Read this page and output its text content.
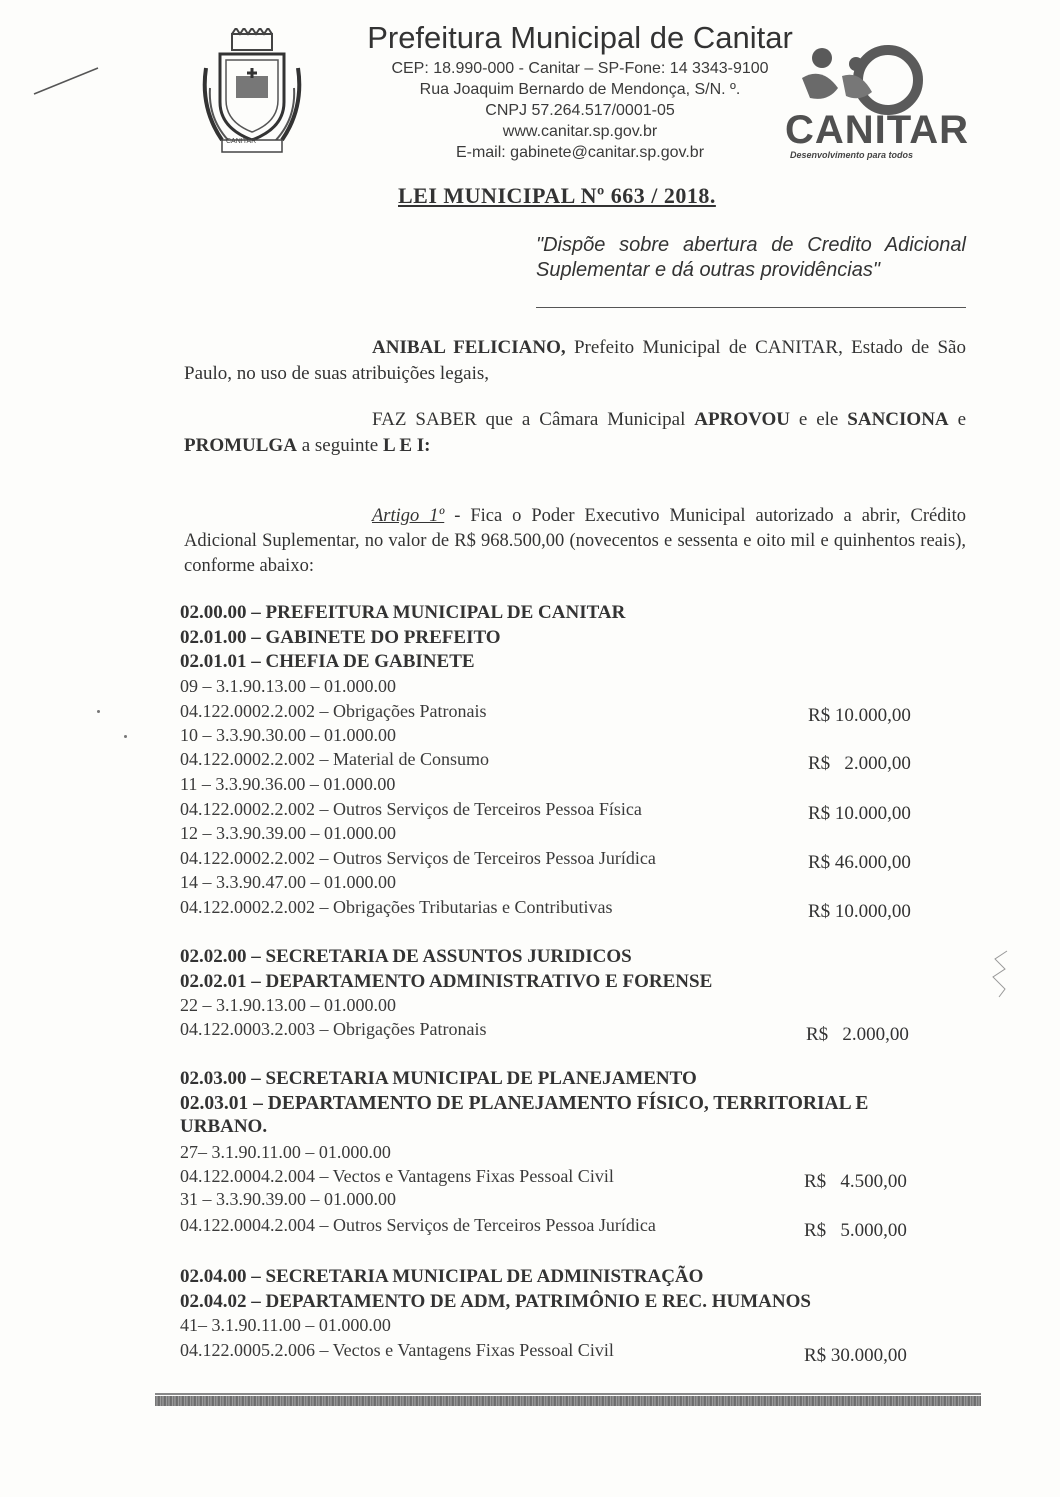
CANITAR
Prefeitura Municipal de Canitar
CEP: 18.990-000 - Canitar – SP-Fone: 14 3343-9100
Rua Joaquim Bernardo de Mendonça, S/N. º.
CNPJ 57.264.517/0001-05
www.canitar.sp.gov.br
E-mail: gabinete@canitar.sp.gov.br
CANITAR
Desenvolvimento para todos
LEI MUNICIPAL Nº 663 / 2018.
"Dispõe sobre abertura de Credito Adicional Suplementar e dá outras providências"
ANIBAL FELICIANO, Prefeito Municipal de CANITAR, Estado de São Paulo, no uso de suas atribuições legais,
FAZ SABER que a Câmara Municipal APROVOU e ele SANCIONA e PROMULGA a seguinte L E I:
Artigo 1º - Fica o Poder Executivo Municipal autorizado a abrir, Crédito Adicional Suplementar, no valor de R$ 968.500,00 (novecentos e sessenta e oito mil e quinhentos reais), conforme abaixo:
02.00.00 – PREFEITURA MUNICIPAL DE CANITAR
02.01.00 – GABINETE DO PREFEITO
02.01.01 – CHEFIA DE GABINETE
09 – 3.1.90.13.00 – 01.000.00
04.122.0002.2.002 – Obrigações Patronais	R$ 10.000,00
10 – 3.3.90.30.00 – 01.000.00
04.122.0002.2.002 – Material de Consumo	R$   2.000,00
11 – 3.3.90.36.00 – 01.000.00
04.122.0002.2.002 – Outros Serviços de Terceiros Pessoa Física	R$ 10.000,00
12 – 3.3.90.39.00 – 01.000.00
04.122.0002.2.002 – Outros Serviços de Terceiros Pessoa Jurídica	R$ 46.000,00
14 – 3.3.90.47.00 – 01.000.00
04.122.0002.2.002 – Obrigações Tributarias e Contributivas	R$ 10.000,00
02.02.00 – SECRETARIA DE ASSUNTOS JURIDICOS
02.02.01 – DEPARTAMENTO ADMINISTRATIVO E FORENSE
22 – 3.1.90.13.00 – 01.000.00
04.122.0003.2.003 – Obrigações Patronais	R$   2.000,00
02.03.00 – SECRETARIA MUNICIPAL DE PLANEJAMENTO
02.03.01 – DEPARTAMENTO DE PLANEJAMENTO FÍSICO, TERRITORIAL E
URBANO.
27– 3.1.90.11.00 – 01.000.00
04.122.0004.2.004 – Vectos e Vantagens Fixas Pessoal Civil	R$   4.500,00
31 – 3.3.90.39.00 – 01.000.00
04.122.0004.2.004 – Outros Serviços de Terceiros Pessoa Jurídica	R$   5.000,00
02.04.00 – SECRETARIA MUNICIPAL DE ADMINISTRAÇÃO
02.04.02 – DEPARTAMENTO DE ADM, PATRIMÔNIO E REC. HUMANOS
41– 3.1.90.11.00 – 01.000.00
04.122.0005.2.006 – Vectos e Vantagens Fixas Pessoal Civil	R$ 30.000,00
